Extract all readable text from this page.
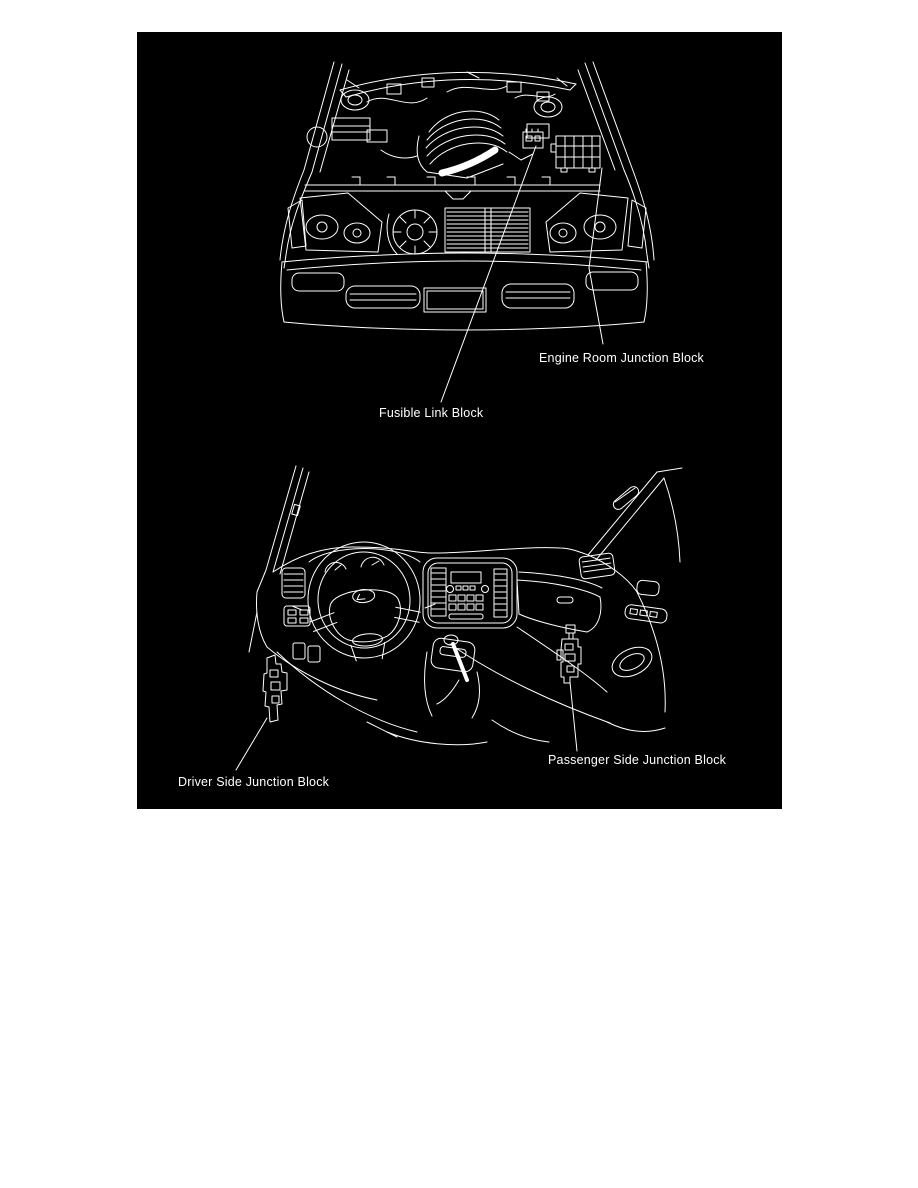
Engine Room Junction Block
Fusible Link Block
Driver Side Junction Block
Passenger Side Junction Block
